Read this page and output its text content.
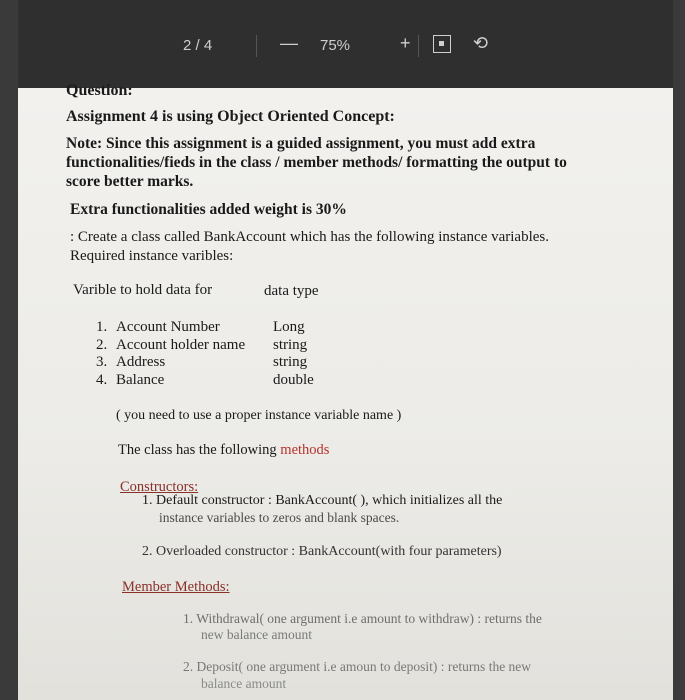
2 / 4	— 75%	+	⟲
Question:
Assignment 4 is using Object Oriented Concept:
Note: Since this assignment is a guided assignment, you must add extra functionalities/fieds in the class / member methods/ formatting the output to score better marks.
Extra functionalities added weight is 30%
: Create a class called BankAccount which has the following instance variables. Required instance varibles:
Varible to hold data for	data type
1. Account Number	Long
2. Account holder name string
3. Address	string
4. Balance	double
( you need to use a proper instance variable name )
The class has the following methods
Constructors:
1. Default constructor : BankAccount( ), which initializes all the
instance variables to zeros and blank spaces.
2. Overloaded constructor : BankAccount(with four parameters)
Member Methods:
1. Withdrawal( one argument i.e amount to withdraw) : returns the
new balance amount
2. Deposit( one argument i.e amoun to deposit) : returns the new
balance amount
